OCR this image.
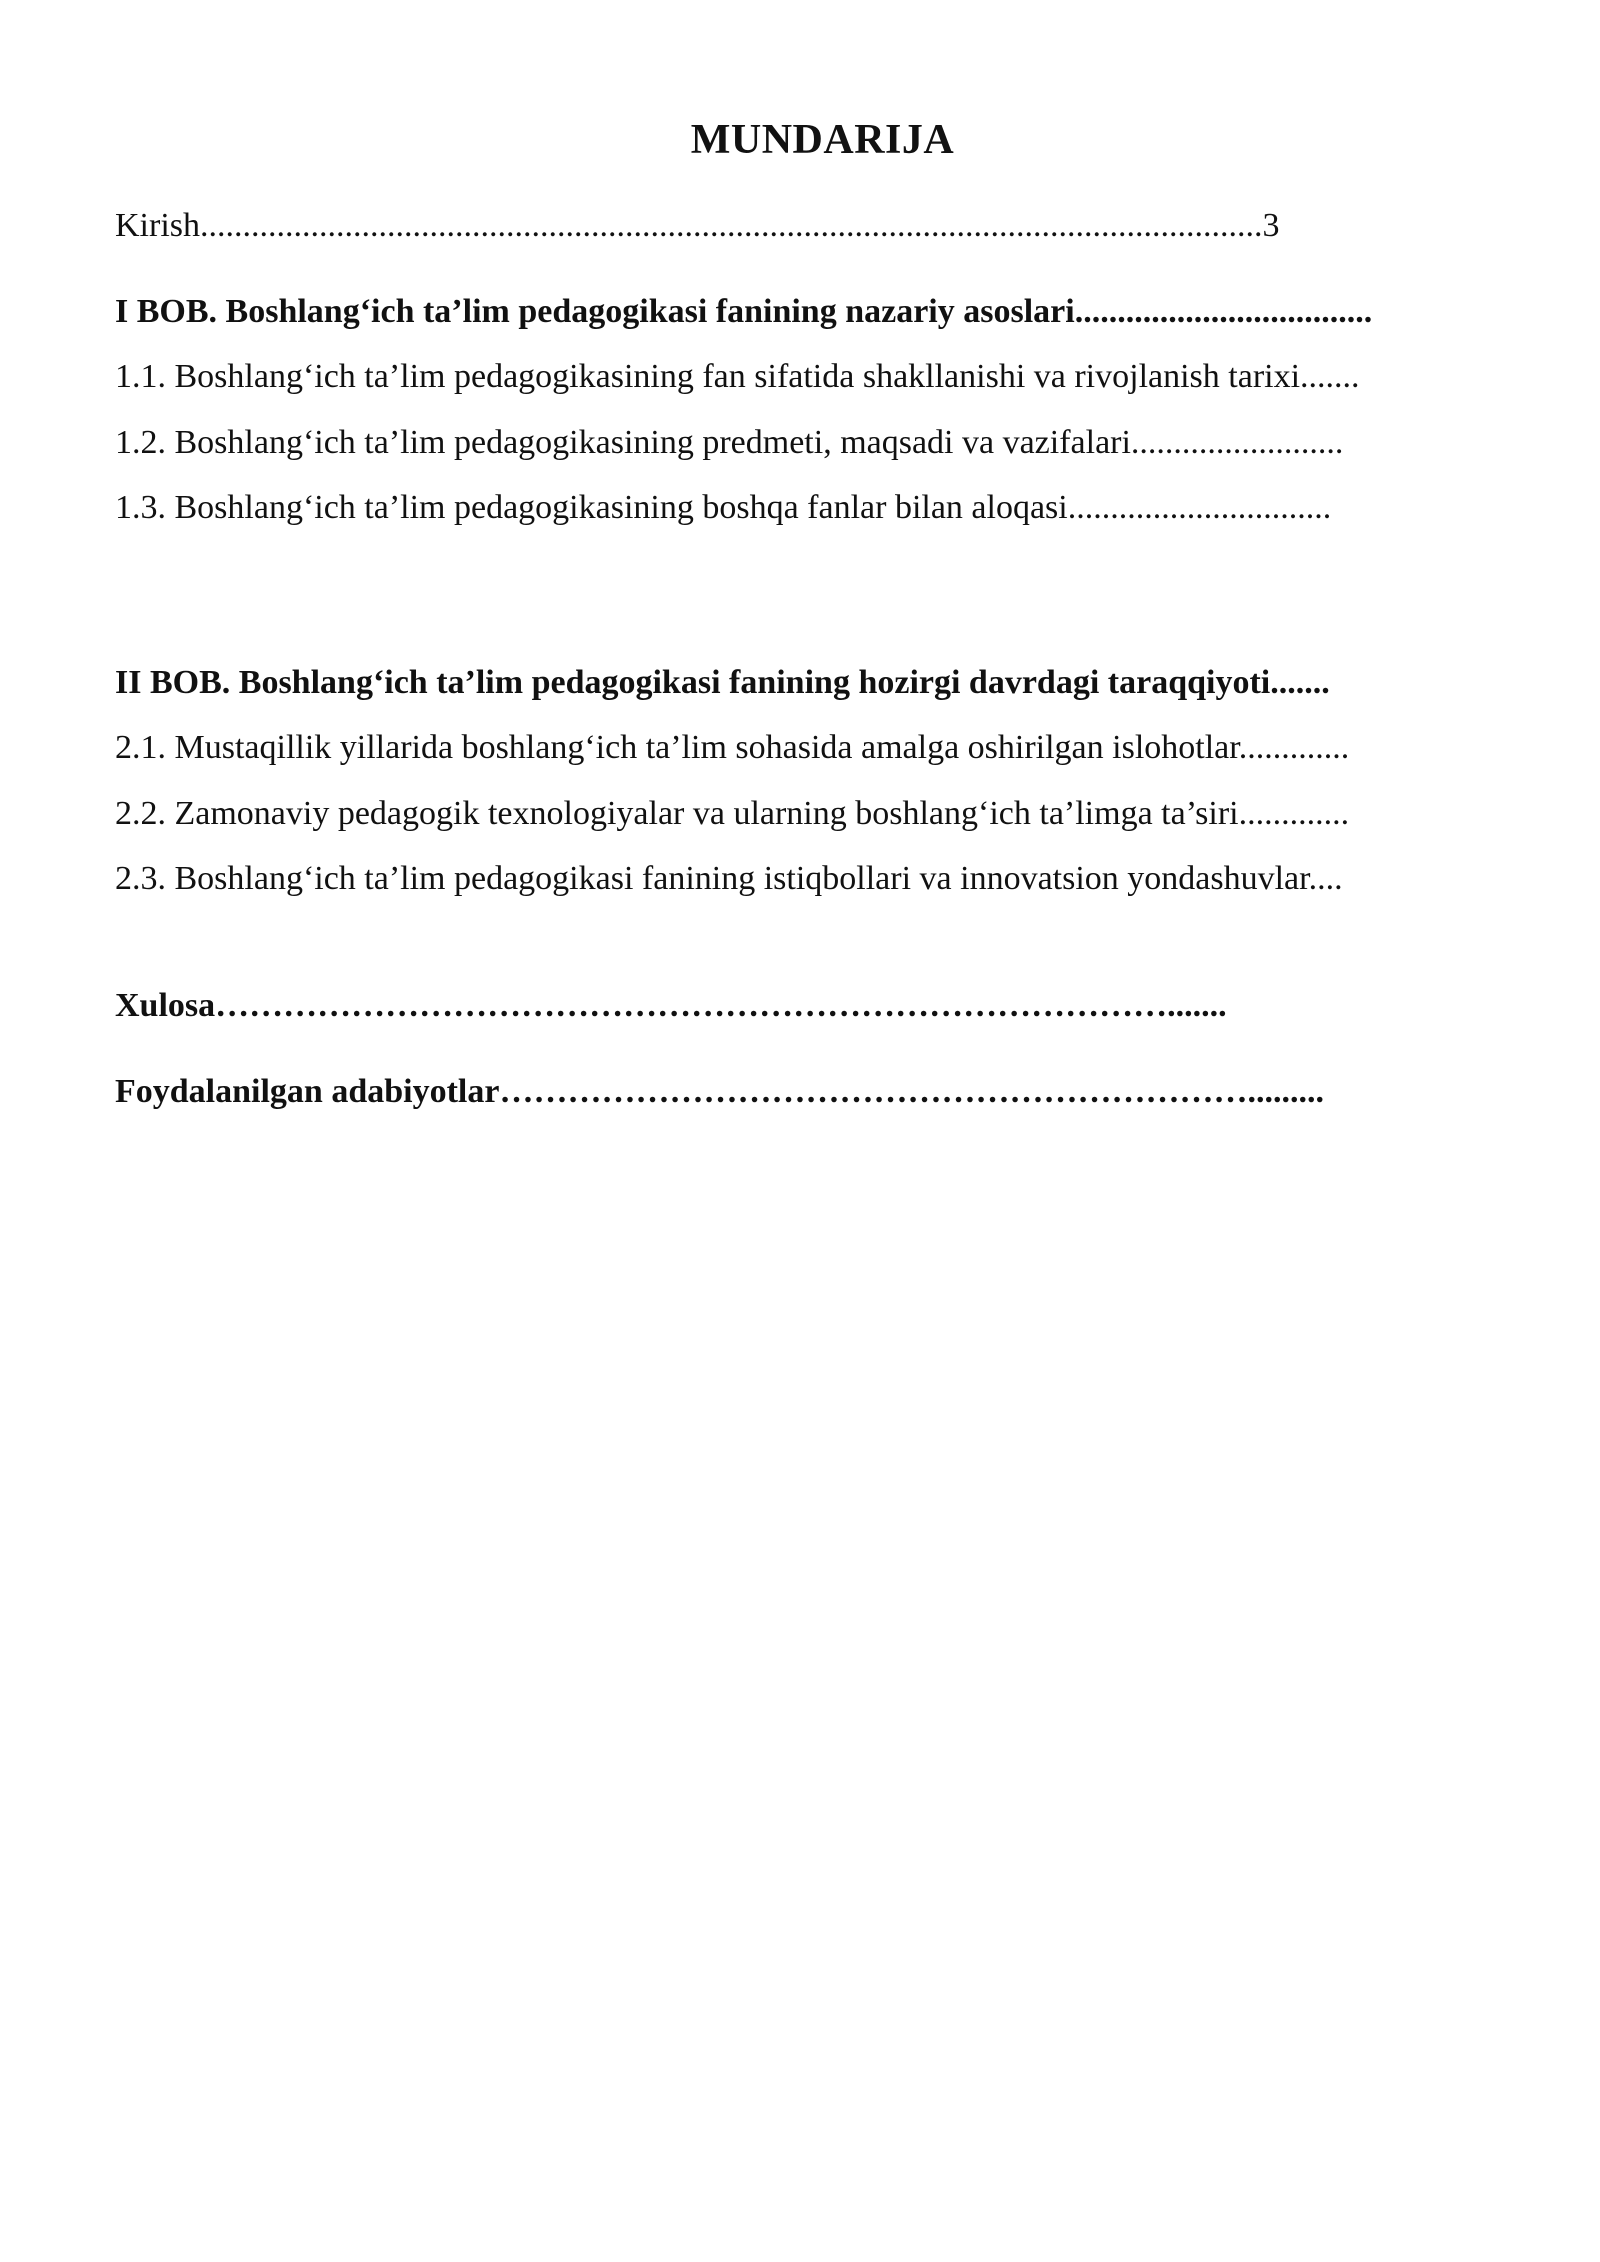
MUNDARIJA
Kirish.............................................................................................................................3
I BOB. Boshlang‘ich ta’lim pedagogikasi fanining nazariy asoslari...................................
1.1. Boshlang‘ich ta’lim pedagogikasining fan sifatida shakllanishi va rivojlanish tarixi.......
1.2. Boshlang‘ich ta’lim pedagogikasining predmeti, maqsadi va vazifalari.........................
1.3. Boshlang‘ich ta’lim pedagogikasining boshqa fanlar bilan aloqasi...............................
II BOB. Boshlang‘ich ta’lim pedagogikasi fanining hozirgi davrdagi taraqqiyoti.......
2.1. Mustaqillik yillarida boshlang‘ich ta’lim sohasida amalga oshirilgan islohotlar.............
2.2. Zamonaviy pedagogik texnologiyalar va ularning boshlang‘ich ta’limga ta’siri.............
2.3. Boshlang‘ich ta’lim pedagogikasi fanining istiqbollari va innovatsion yondashuvlar....
Xulosa………………………………………………………………………….......
Foydalanilgan adabiyotlar………………………………………………………….........
